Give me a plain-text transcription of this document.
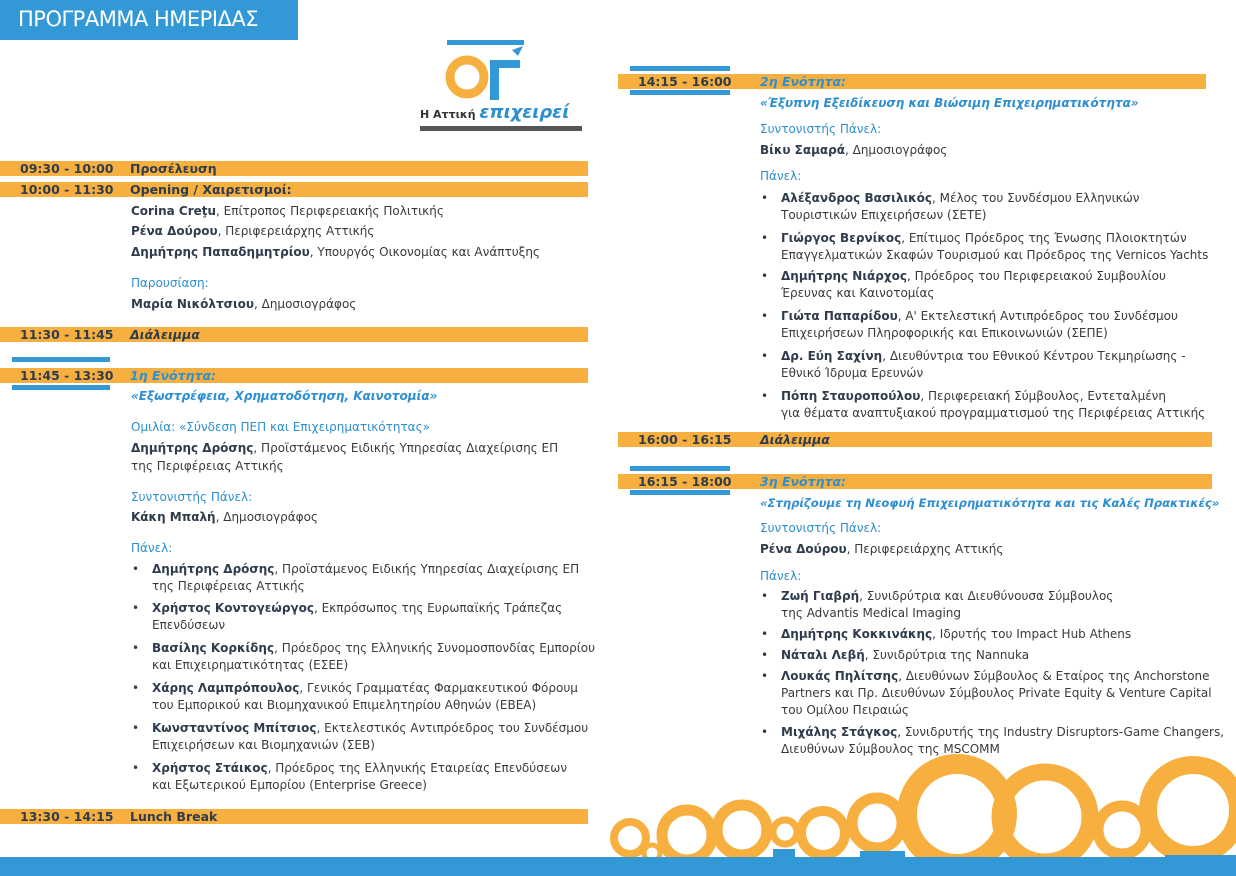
ΠΡΟΓΡΑΜΜΑ ΗΜΕΡΙΔΑΣ
Η Αττική επιχειρεί
09:30 - 10:00 Προσέλευση
10:00 - 11:30 Opening / Χαιρετισμοί:
Corina Creţu, Επίτροπος Περιφερειακής Πολιτικής
Ρένα Δούρου, Περιφερειάρχης Αττικής
Δημήτρης Παπαδημητρίου, Υπουργός Οικονομίας και Ανάπτυξης
Παρουσίαση:
Μαρία Νικόλτσιου, Δημοσιογράφος
11:30 - 11:45 Διάλειμμα
11:45 - 13:30 1η Ενότητα:
«Εξωστρέφεια, Χρηματοδότηση, Καινοτομία»
Ομιλία: «Σύνδεση ΠΕΠ και Επιχειρηματικότητας»
Δημήτρης Δρόσης, Προϊστάμενος Ειδικής Υπηρεσίας Διαχείρισης ΕΠ
της Περιφέρειας Αττικής
Συντονιστής Πάνελ:
Κάκη Μπαλή, Δημοσιογράφος
Πάνελ:
• Δημήτρης Δρόσης, Προϊστάμενος Ειδικής Υπηρεσίας Διαχείρισης ΕΠ
της Περιφέρειας Αττικής
• Χρήστος Κοντογεώργος, Εκπρόσωπος της Ευρωπαϊκής Τράπεζας
Επενδύσεων
• Βασίλης Κορκίδης, Πρόεδρος της Ελληνικής Συνομοσπονδίας Εμπορίου
και Επιχειρηματικότητας (ΕΣΕΕ)
• Χάρης Λαμπρόπουλος, Γενικός Γραμματέας Φαρμακευτικού Φόρουμ
του Εμπορικού και Βιομηχανικού Επιμελητηρίου Αθηνών (ΕΒΕΑ)
• Κωνσταντίνος Μπίτσιος, Εκτελεστικός Αντιπρόεδρος του Συνδέσμου
Επιχειρήσεων και Βιομηχανιών (ΣΕΒ)
• Χρήστος Στάικος, Πρόεδρος της Ελληνικής Εταιρείας Επενδύσεων
και Εξωτερικού Εμπορίου (Enterprise Greece)
13:30 - 14:15 Lunch Break
14:15 - 16:00 2η Ενότητα:
«Έξυπνη Εξειδίκευση και Βιώσιμη Επιχειρηματικότητα»
Συντονιστής Πάνελ:
Βίκυ Σαμαρά, Δημοσιογράφος
Πάνελ:
• Αλέξανδρος Βασιλικός, Μέλος του Συνδέσμου Ελληνικών
Τουριστικών Επιχειρήσεων (ΣΕΤΕ)
• Γιώργος Βερνίκος, Επίτιμος Πρόεδρος της Ένωσης Πλοιοκτητών
Επαγγελματικών Σκαφών Τουρισμού και Πρόεδρος της Vernicos Yachts
• Δημήτρης Νιάρχος, Πρόεδρος του Περιφερειακού Συμβουλίου
Έρευνας και Καινοτομίας
• Γιώτα Παπαρίδου, Α' Εκτελεστική Αντιπρόεδρος του Συνδέσμου
Επιχειρήσεων Πληροφορικής και Επικοινωνιών (ΣΕΠΕ)
• Δρ. Εύη Σαχίνη, Διευθύντρια του Εθνικού Κέντρου Τεκμηρίωσης -
Εθνικό Ίδρυμα Ερευνών
• Πόπη Σταυροπούλου, Περιφερειακή Σύμβουλος, Εντεταλμένη
για θέματα αναπτυξιακού προγραμματισμού της Περιφέρειας Αττικής
16:00 - 16:15 Διάλειμμα
16:15 - 18:00 3η Ενότητα:
«Στηρίζουμε τη Νεοφυή Επιχειρηματικότητα και τις Καλές Πρακτικές»
Συντονιστής Πάνελ:
Ρένα Δούρου, Περιφερειάρχης Αττικής
Πάνελ:
• Ζωή Γιαβρή, Συνιδρύτρια και Διευθύνουσα Σύμβουλος
της Advantis Medical Imaging
• Δημήτρης Κοκκινάκης, Ιδρυτής του Impact Hub Athens
• Νάταλι Λεβή, Συνιδρύτρια της Nannuka
• Λουκάς Πηλίτσης, Διευθύνων Σύμβουλος & Εταίρος της Anchorstone
Partners και Πρ. Διευθύνων Σύμβουλος Private Equity & Venture Capital
του Ομίλου Πειραιώς
• Μιχάλης Στάγκος, Συνιδρυτής της Industry Disruptors-Game Changers,
Διευθύνων Σύμβουλος της MSCOMM
